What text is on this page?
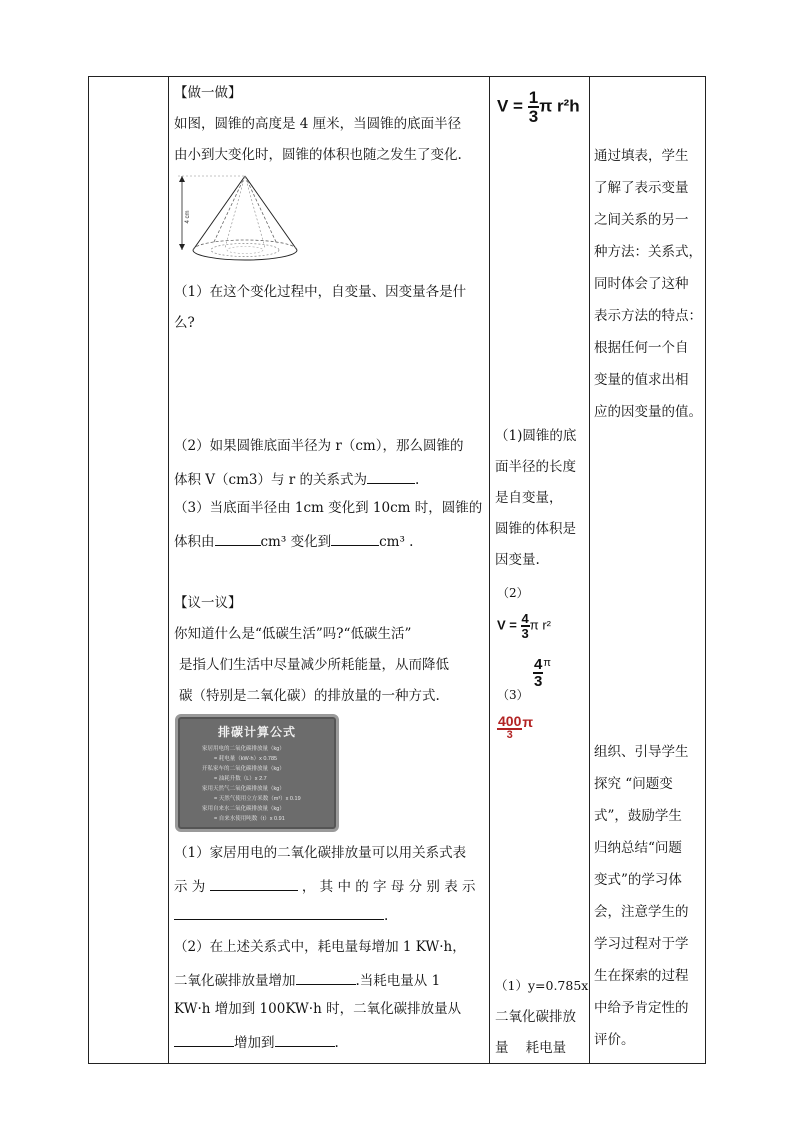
【做一做】
如图，圆锥的高度是 4 厘米，当圆锥的底面半径
由小到大变化时，圆锥的体积也随之发生了变化.
4 cm
（1）在这个变化过程中，自变量、因变量各是什
么?
（2）如果圆锥底面半径为 r（cm），那么圆锥的
体积 V（cm3）与 r 的关系式为	.
（3）当底面半径由 1cm 变化到 10cm 时，圆锥的
体积由	cm³ 变化到	cm³ .
【议一议】
你知道什么是“低碳生活”吗?“低碳生活”
是指人们生活中尽量减少所耗能量，从而降低
碳（特别是二氧化碳）的排放量的一种方式.
排碳计算公式
家居用电的二氧化碳排放量（kg）
= 耗电量（kW·h）x 0.785
开私家车的二氧化碳排放量（kg）
= 油耗升数（L）x 2.7
家用天然气二氧化碳排放量（kg）
= 天然气使用立方米数（m³）x 0.19
家用自来水二氧化碳排放量（kg）
= 自来水使用吨数（t）x 0.91
（1）家居用电的二氧化碳排放量可以用关系式表
示 为	， 其 中 的 字 母 分 别 表 示
.
（2）在上述关系式中，耗电量每增加 1 KW·h，
二氧化碳排放量增加	.当耗电量从 1
KW·h 增加到 100KW·h 时，二氧化碳排放量从
增加到	.
$V = \frac{1}{3}$ π r²h
（1)圆锥的底
面半径的长度
是自变量，
圆锥的体积是
因变量.
（2）
$V = \frac{4}{3}$ π r²
$\frac{4}{3} ^\pi$
（3）
$\frac{400}{3}$ π
（1）y=0.785x
二氧化碳排放
量    耗电量
通过填表，学生
了解了表示变量
之间关系的另一
种方法：关系式，
同时体会了这种
表示方法的特点：
根据任何一个自
变量的值求出相
应的因变量的值。
组织、引导学生
探究 “问题变
式”，鼓励学生
归纳总结“问题
变式”的学习体
会，注意学生的
学习过程对于学
生在探索的过程
中给予肯定性的
评价。
